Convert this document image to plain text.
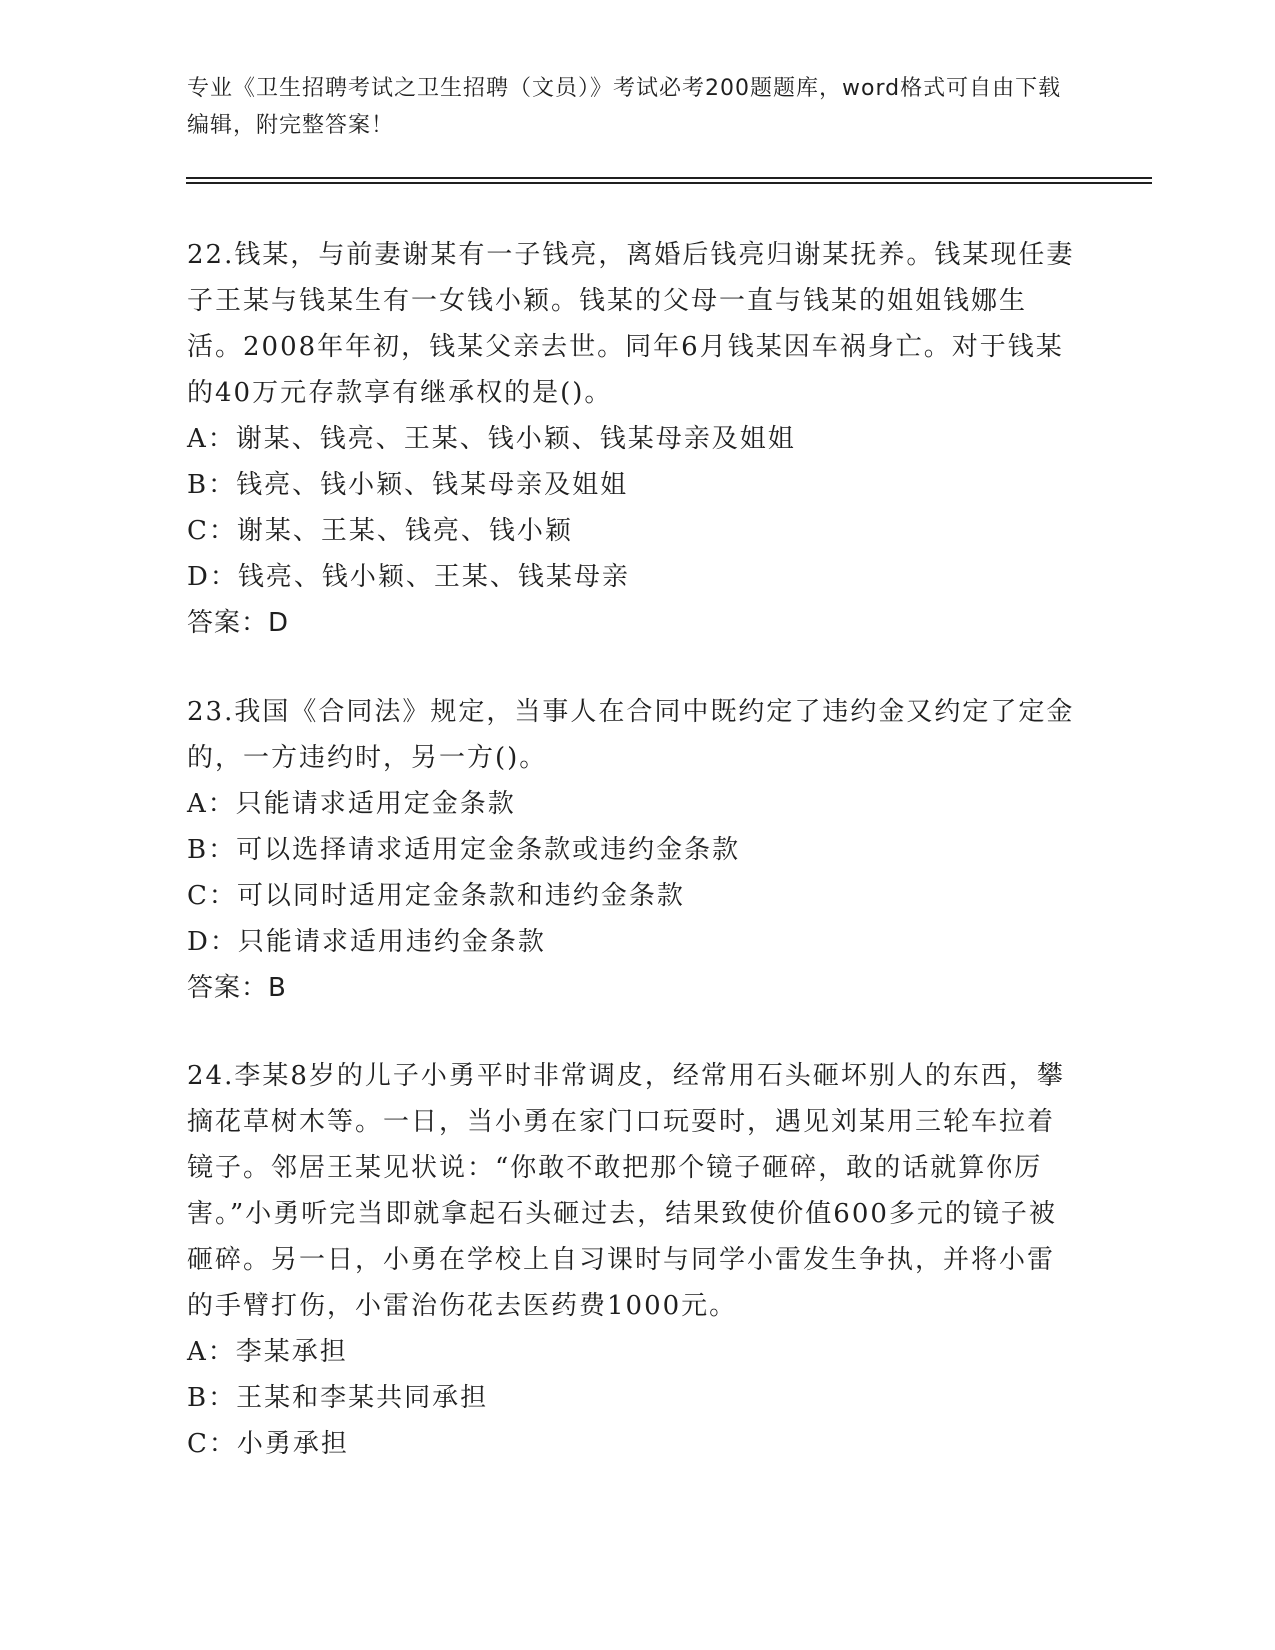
专业《卫生招聘考试之卫生招聘（文员）》考试必考200题题库，word格式可自由下载编辑，附完整答案！

22.钱某，与前妻谢某有一子钱亮，离婚后钱亮归谢某抚养。钱某现任妻子王某与钱某生有一女钱小颖。钱某的父母一直与钱某的姐姐钱娜生活。2008年年初，钱某父亲去世。同年6月钱某因车祸身亡。对于钱某的40万元存款享有继承权的是()。

A：谢某、钱亮、王某、钱小颖、钱某母亲及姐姐

B：钱亮、钱小颖、钱某母亲及姐姐

C：谢某、王某、钱亮、钱小颖

D：钱亮、钱小颖、王某、钱某母亲

答案：D

23.我国《合同法》规定，当事人在合同中既约定了违约金又约定了定金的，一方违约时，另一方()。

A：只能请求适用定金条款

B：可以选择请求适用定金条款或违约金条款

C：可以同时适用定金条款和违约金条款

D：只能请求适用违约金条款

答案：B

24.李某8岁的儿子小勇平时非常调皮，经常用石头砸坏别人的东西，攀摘花草树木等。一日，当小勇在家门口玩耍时，遇见刘某用三轮车拉着镜子。邻居王某见状说：“你敢不敢把那个镜子砸碎，敢的话就算你厉害。”小勇听完当即就拿起石头砸过去，结果致使价值600多元的镜子被砸碎。另一日，小勇在学校上自习课时与同学小雷发生争执，并将小雷的手臂打伤，小雷治伤花去医药费1000元。

A：李某承担

B：王某和李某共同承担

C：小勇承担
